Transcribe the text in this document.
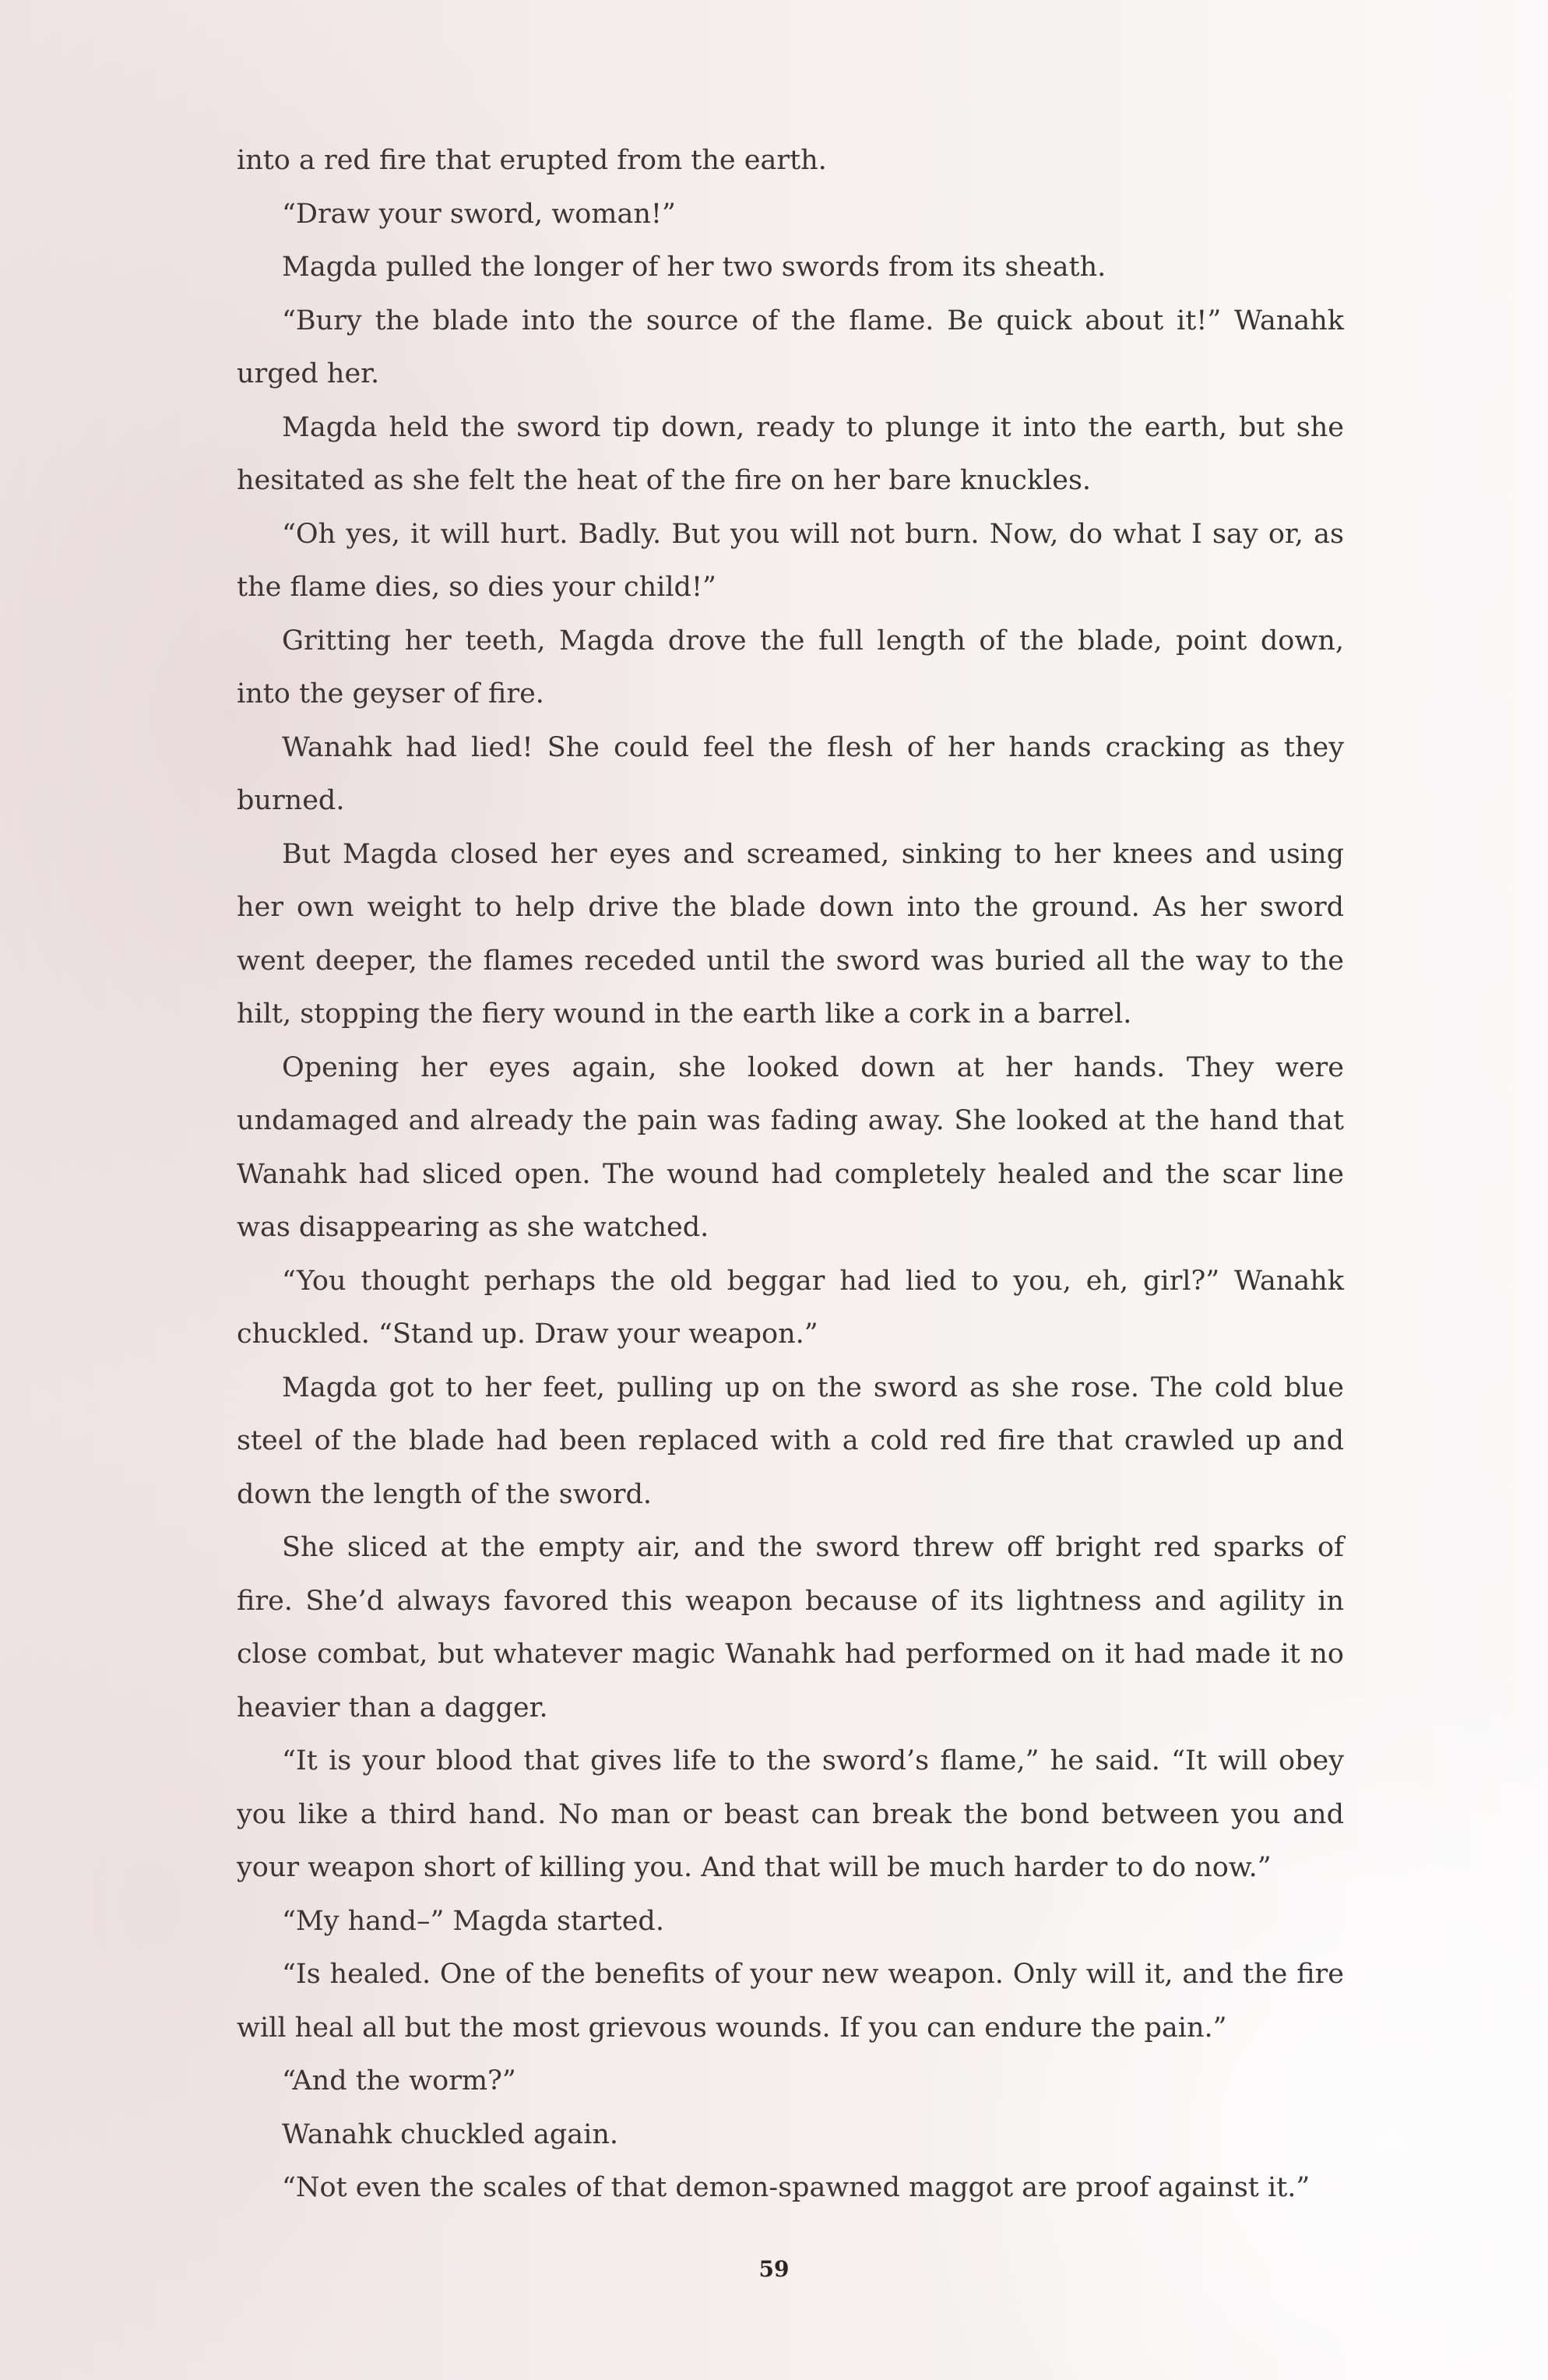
into a red fire that erupted from the earth.

“Draw your sword, woman!”

Magda pulled the longer of her two swords from its sheath.

“Bury the blade into the source of the flame. Be quick about it!” Wanahk urged her.

Magda held the sword tip down, ready to plunge it into the earth, but she hesitated as she felt the heat of the fire on her bare knuckles.

“Oh yes, it will hurt. Badly. But you will not burn. Now, do what I say or, as the flame dies, so dies your child!”

Gritting her teeth, Magda drove the full length of the blade, point down, into the geyser of fire.

Wanahk had lied! She could feel the flesh of her hands cracking as they burned.

But Magda closed her eyes and screamed, sinking to her knees and using her own weight to help drive the blade down into the ground. As her sword went deeper, the flames receded until the sword was buried all the way to the hilt, stopping the fiery wound in the earth like a cork in a barrel.

Opening her eyes again, she looked down at her hands. They were undamaged and already the pain was fading away. She looked at the hand that Wanahk had sliced open. The wound had completely healed and the scar line was disappearing as she watched.

“You thought perhaps the old beggar had lied to you, eh, girl?” Wanahk chuckled. “Stand up. Draw your weapon.”

Magda got to her feet, pulling up on the sword as she rose. The cold blue steel of the blade had been replaced with a cold red fire that crawled up and down the length of the sword.

She sliced at the empty air, and the sword threw off bright red sparks of fire. She’d always favored this weapon because of its lightness and agility in close combat, but whatever magic Wanahk had performed on it had made it no heavier than a dagger.

“It is your blood that gives life to the sword’s flame,” he said. “It will obey you like a third hand. No man or beast can break the bond between you and your weapon short of killing you. And that will be much harder to do now.”

“My hand–” Magda started.

“Is healed. One of the benefits of your new weapon. Only will it, and the fire will heal all but the most grievous wounds. If you can endure the pain.”

“And the worm?”

Wanahk chuckled again.

“Not even the scales of that demon-spawned maggot are proof against it.”

59
